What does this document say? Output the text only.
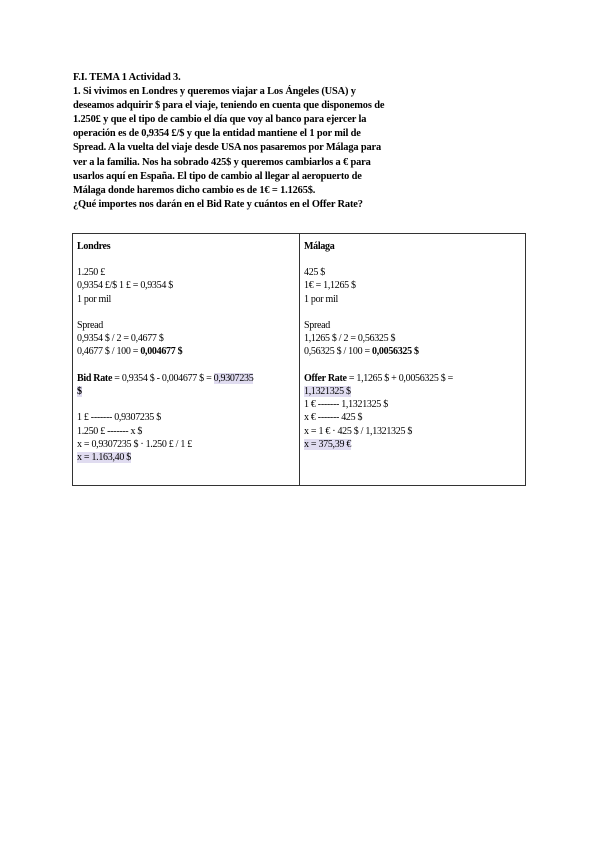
F.I. TEMA 1 Actividad 3.

1. Si vivimos en Londres y queremos viajar a Los Ángeles (USA) y

deseamos adquirir $ para el viaje, teniendo en cuenta que disponemos de

1.250£ y que el tipo de cambio el día que voy al banco para ejercer la

operación es de 0,9354 £/$ y que la entidad mantiene el 1 por mil de

Spread. A la vuelta del viaje desde USA nos pasaremos por Málaga para

ver a la familia. Nos ha sobrado 425$ y queremos cambiarlos a € para

usarlos aquí en España. El tipo de cambio al llegar al aeropuerto de

Málaga donde haremos dicho cambio es de 1€ = 1.1265$.

¿Qué importes nos darán en el Bid Rate y cuántos en el Offer Rate?

Londres

1.250 £

0,9354 £/$ 1 £ = 0,9354 $

1 por mil

Spread

0,9354 $ / 2 = 0,4677 $

0,4677 $ / 100 = 0,004677 $

Bid Rate = 0,9354 $ - 0,004677 $ = 0,9307235

$

1 £ ------- 0,9307235 $

1.250 £ ------- x $

x = 0,9307235 $ · 1.250 £ / 1 £

x = 1.163,40 $

Málaga

425 $

1€ = 1,1265 $

1 por mil

Spread

1,1265 $ / 2 = 0,56325 $

0,56325 $ / 100 = 0,0056325 $

Offer Rate = 1,1265 $ + 0,0056325 $ =

1,1321325 $

1 € ------- 1,1321325 $

x € ------- 425 $

x = 1 € · 425 $ / 1,1321325 $

x = 375,39 €
